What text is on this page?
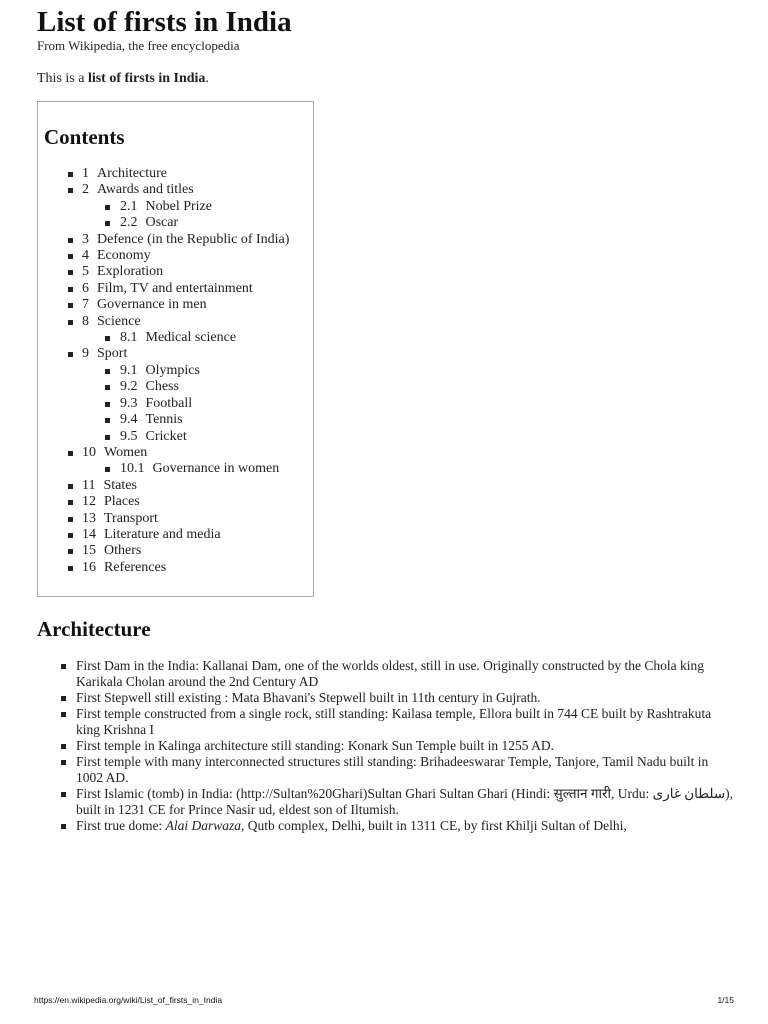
List of firsts in India
From Wikipedia, the free encyclopedia
This is a list of firsts in India.
Contents
1 Architecture
2 Awards and titles
2.1 Nobel Prize
2.2 Oscar
3 Defence (in the Republic of India)
4 Economy
5 Exploration
6 Film, TV and entertainment
7 Governance in men
8 Science
8.1 Medical science
9 Sport
9.1 Olympics
9.2 Chess
9.3 Football
9.4 Tennis
9.5 Cricket
10 Women
10.1 Governance in women
11 States
12 Places
13 Transport
14 Literature and media
15 Others
16 References
Architecture
First Dam in the India: Kallanai Dam, one of the worlds oldest, still in use. Originally constructed by the Chola king Karikala Cholan around the 2nd Century AD
First Stepwell still existing : Mata Bhavani's Stepwell built in 11th century in Gujrath.
First temple constructed from a single rock, still standing: Kailasa temple, Ellora built in 744 CE built by Rashtrakuta king Krishna I
First temple in Kalinga architecture still standing: Konark Sun Temple built in 1255 AD.
First temple with many interconnected structures still standing: Brihadeeswarar Temple, Tanjore, Tamil Nadu built in 1002 AD.
First Islamic (tomb) in India: (http://Sultan%20Ghari)Sultan Ghari Sultan Ghari (Hindi: सुल्तान गारी, Urdu: سلطان غاری), built in 1231 CE for Prince Nasir ud, eldest son of Iltumish.
First true dome: Alai Darwaza, Qutb complex, Delhi, built in 1311 CE, by first Khilji Sultan of Delhi,
https://en.wikipedia.org/wiki/List_of_firsts_in_India	1/15
